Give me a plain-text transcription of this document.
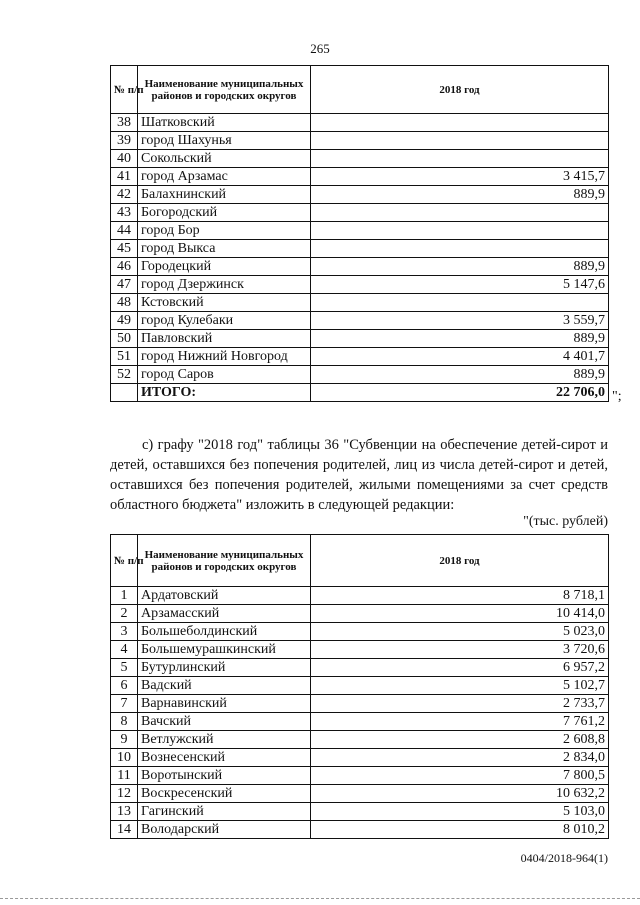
265
№ п/п	Наименование муниципальных районов и городских округов	2018 год
38	Шатковский	
39	город Шахунья	
40	Сокольский	
41	город Арзамас	3 415,7
42	Балахнинский	889,9
43	Богородский	
44	город Бор	
45	город Выкса	
46	Городецкий	889,9
47	город Дзержинск	5 147,6
48	Кстовский	
49	город Кулебаки	3 559,7
50	Павловский	889,9
51	город Нижний Новгород	4 401,7
52	город Саров	889,9
	ИТОГО:	22 706,0 ";

с) графу "2018 год" таблицы 36 "Субвенции на обеспечение детей-сирот и детей, оставшихся без попечения родителей, лиц из числа детей-сирот и детей, оставшихся без попечения родителей, жилыми помещениями за счет средств областного бюджета" изложить в следующей редакции:

"(тыс. рублей)
№ п/п	Наименование муниципальных районов и городских округов	2018 год
1	Ардатовский	8 718,1
2	Арзамасский	10 414,0
3	Большеболдинский	5 023,0
4	Большемурашкинский	3 720,6
5	Бутурлинский	6 957,2
6	Вадский	5 102,7
7	Варнавинский	2 733,7
8	Вачский	7 761,2
9	Ветлужский	2 608,8
10	Вознесенский	2 834,0
11	Воротынский	7 800,5
12	Воскресенский	10 632,2
13	Гагинский	5 103,0
14	Володарский	8 010,2
0404/2018-964(1)
